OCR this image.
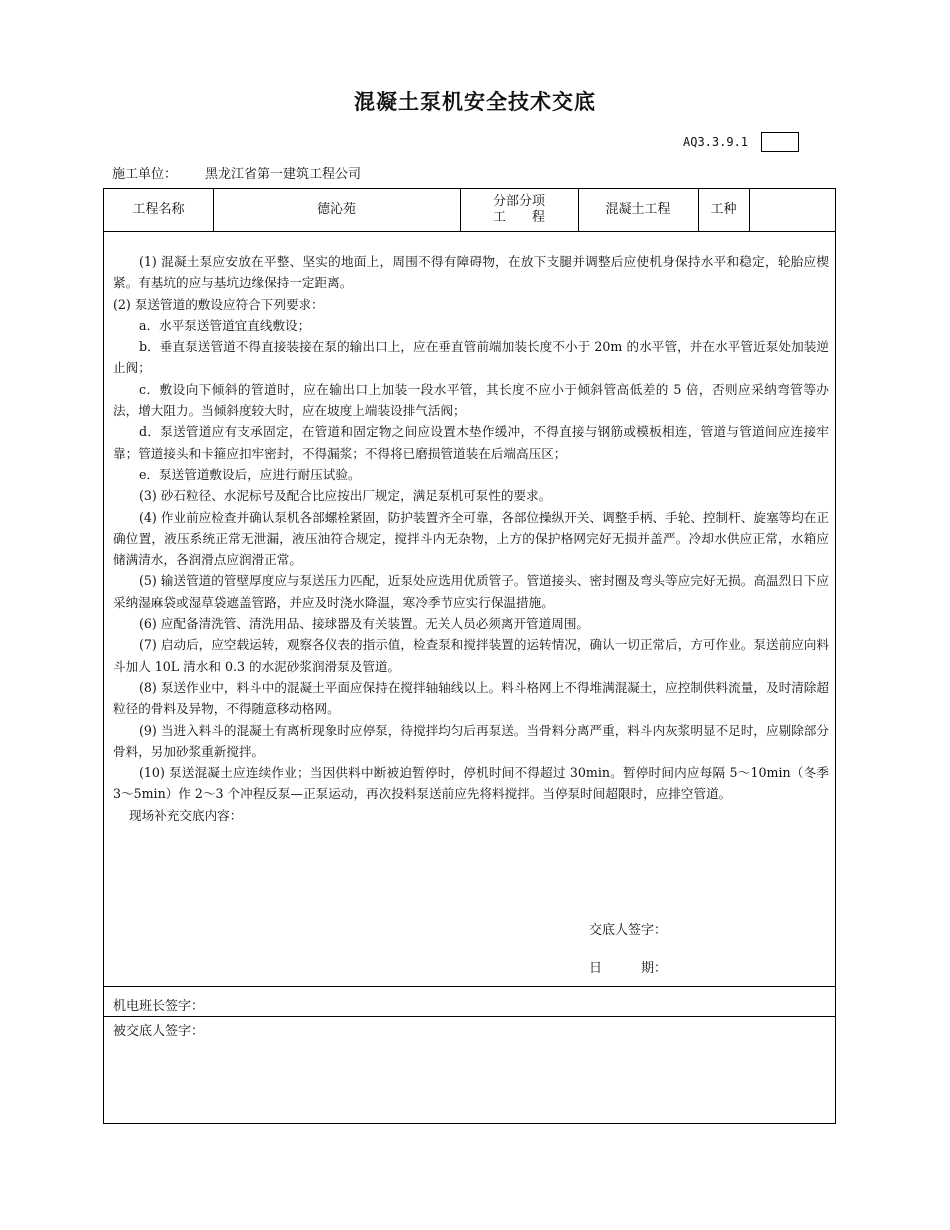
混凝土泵机安全技术交底
AQ3.3.9.1
施工单位： 黑龙江省第一建筑工程公司
工程名称	德沁苑
分部分项
工　　程
混凝土工程	工种

(1) 混凝土泵应安放在平整、坚实的地面上，周围不得有障碍物，在放下支腿并调整后应使机身保持水平和稳定，轮胎应楔紧。有基坑的应与基坑边缘保持一定距离。

(2) 泵送管道的敷设应符合下列要求：

a．水平泵送管道宜直线敷设；

b．垂直泵送管道不得直接装接在泵的输出口上，应在垂直管前端加装长度不小于 20m 的水平管，并在水平管近泵处加装逆止阀；

c．敷设向下倾斜的管道时，应在输出口上加装一段水平管，其长度不应小于倾斜管高低差的 5 倍，否则应采纳弯管等办法，增大阻力。当倾斜度较大时，应在坡度上端装设排气活阀；

d．泵送管道应有支承固定，在管道和固定物之间应设置木垫作缓冲，不得直接与钢筋或模板相连，管道与管道间应连接牢靠；管道接头和卡箍应扣牢密封，不得漏浆；不得将已磨损管道装在后端高压区；

e．泵送管道敷设后，应进行耐压试验。

(3) 砂石粒径、水泥标号及配合比应按出厂规定，满足泵机可泵性的要求。

(4) 作业前应检查并确认泵机各部螺栓紧固，防护装置齐全可靠，各部位操纵开关、调整手柄、手轮、控制杆、旋塞等均在正确位置，液压系统正常无泄漏，液压油符合规定，搅拌斗内无杂物，上方的保护格网完好无损并盖严。冷却水供应正常，水箱应储满清水，各润滑点应润滑正常。

(5) 输送管道的管壁厚度应与泵送压力匹配，近泵处应选用优质管子。管道接头、密封圈及弯头等应完好无损。高温烈日下应采纳湿麻袋或湿草袋遮盖管路，并应及时浇水降温，寒冷季节应实行保温措施。

(6) 应配备清洗管、清洗用品、接球器及有关装置。无关人员必须离开管道周围。

(7) 启动后，应空载运转，观察各仪表的指示值，检查泵和搅拌装置的运转情况，确认一切正常后，方可作业。泵送前应向料斗加人 10L 清水和 0.3 的水泥砂浆润滑泵及管道。

(8) 泵送作业中，料斗中的混凝土平面应保持在搅拌轴轴线以上。料斗格网上不得堆满混凝土，应控制供料流量，及时清除超粒径的骨料及异物，不得随意移动格网。

(9) 当进入料斗的混凝土有离析现象时应停泵，待搅拌均匀后再泵送。当骨料分离严重，料斗内灰浆明显不足时，应剔除部分骨料，另加砂浆重新搅拌。

(10) 泵送混凝土应连续作业；当因供料中断被迫暂停时，停机时间不得超过 30min。暂停时间内应每隔 5～10min（冬季 3～5min）作 2～3 个冲程反泵—正泵运动，再次投料泵送前应先将料搅拌。当停泵时间超限时，应排空管道。

现场补充交底内容：

交底人签字：
日　　　期：
机电班长签字：
被交底人签字：
